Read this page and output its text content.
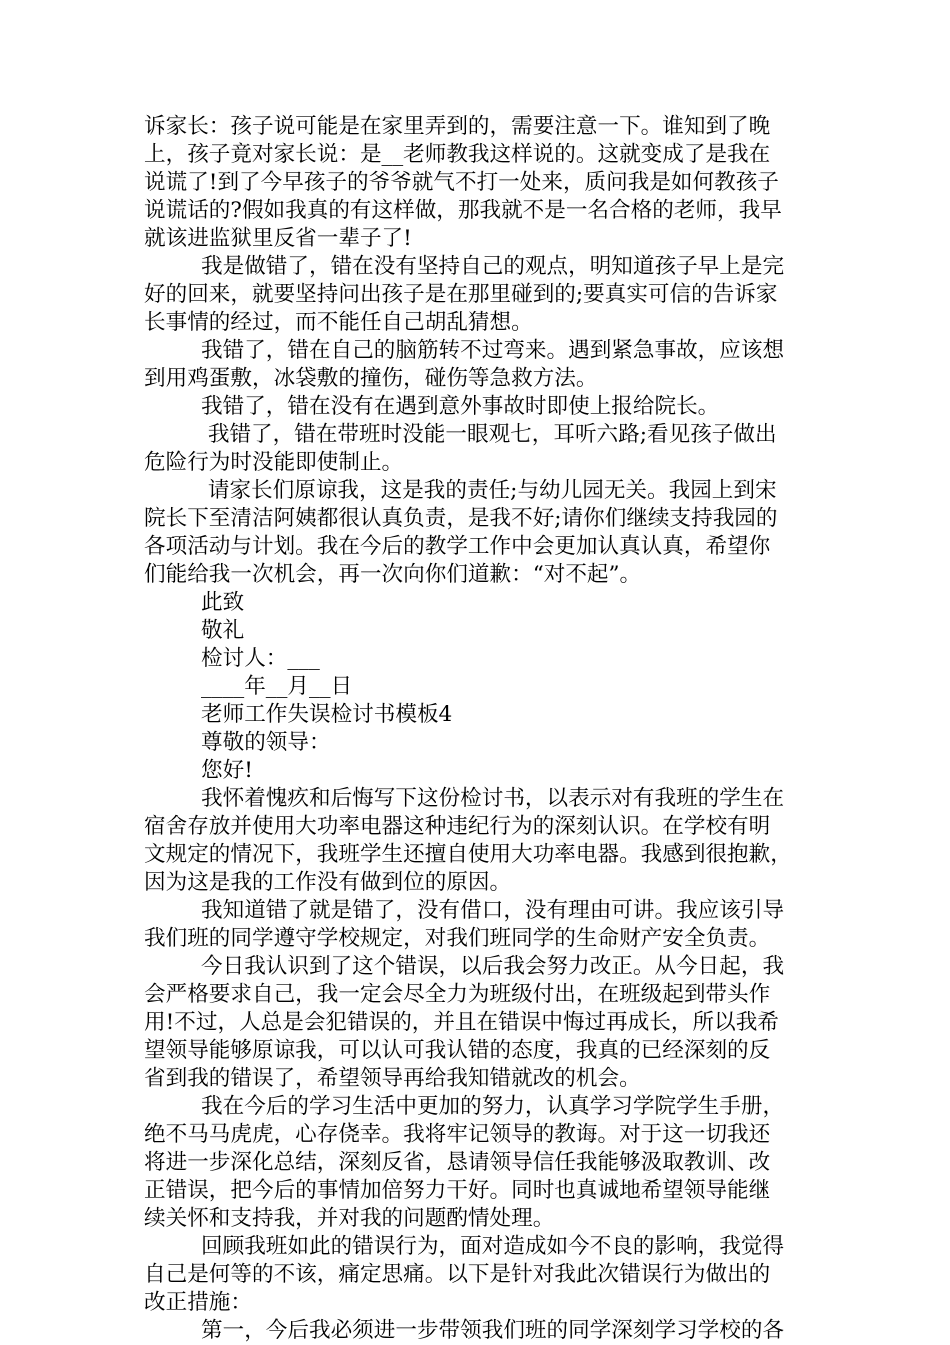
诉家长：孩子说可能是在家里弄到的，需要注意一下。谁知到了晚
上，孩子竟对家长说：是__老师教我这样说的。这就变成了是我在
说谎了!到了今早孩子的爷爷就气不打一处来，质问我是如何教孩子
说谎话的?假如我真的有这样做，那我就不是一名合格的老师，我早
就该进监狱里反省一辈子了!
我是做错了，错在没有坚持自己的观点，明知道孩子早上是完
好的回来，就要坚持问出孩子是在那里碰到的;要真实可信的告诉家
长事情的经过，而不能任自己胡乱猜想。
我错了，错在自己的脑筋转不过弯来。遇到紧急事故，应该想
到用鸡蛋敷，冰袋敷的撞伤，碰伤等急救方法。
我错了，错在没有在遇到意外事故时即使上报给院长。
我错了，错在带班时没能一眼观七，耳听六路;看见孩子做出
危险行为时没能即使制止。
请家长们原谅我，这是我的责任;与幼儿园无关。我园上到宋
院长下至清洁阿姨都很认真负责，是我不好;请你们继续支持我园的
各项活动与计划。我在今后的教学工作中会更加认真认真，希望你
们能给我一次机会，再一次向你们道歉：“对不起”。
此致
敬礼
检讨人：___
____年__月__日
老师工作失误检讨书模板4
尊敬的领导：
您好!
我怀着愧疚和后悔写下这份检讨书，以表示对有我班的学生在
宿舍存放并使用大功率电器这种违纪行为的深刻认识。在学校有明
文规定的情况下，我班学生还擅自使用大功率电器。我感到很抱歉，
因为这是我的工作没有做到位的原因。
我知道错了就是错了，没有借口，没有理由可讲。我应该引导
我们班的同学遵守学校规定，对我们班同学的生命财产安全负责。
今日我认识到了这个错误，以后我会努力改正。从今日起，我
会严格要求自己，我一定会尽全力为班级付出，在班级起到带头作
用!不过，人总是会犯错误的，并且在错误中悔过再成长，所以我希
望领导能够原谅我，可以认可我认错的态度，我真的已经深刻的反
省到我的错误了，希望领导再给我知错就改的机会。
我在今后的学习生活中更加的努力，认真学习学院学生手册，
绝不马马虎虎，心存侥幸。我将牢记领导的教诲。对于这一切我还
将进一步深化总结，深刻反省，恳请领导信任我能够汲取教训、改
正错误，把今后的事情加倍努力干好。同时也真诚地希望领导能继
续关怀和支持我，并对我的问题酌情处理。
回顾我班如此的错误行为，面对造成如今不良的影响，我觉得
自己是何等的不该，痛定思痛。以下是针对我此次错误行为做出的
改正措施：
第一，今后我必须进一步带领我们班的同学深刻学习学校的各
